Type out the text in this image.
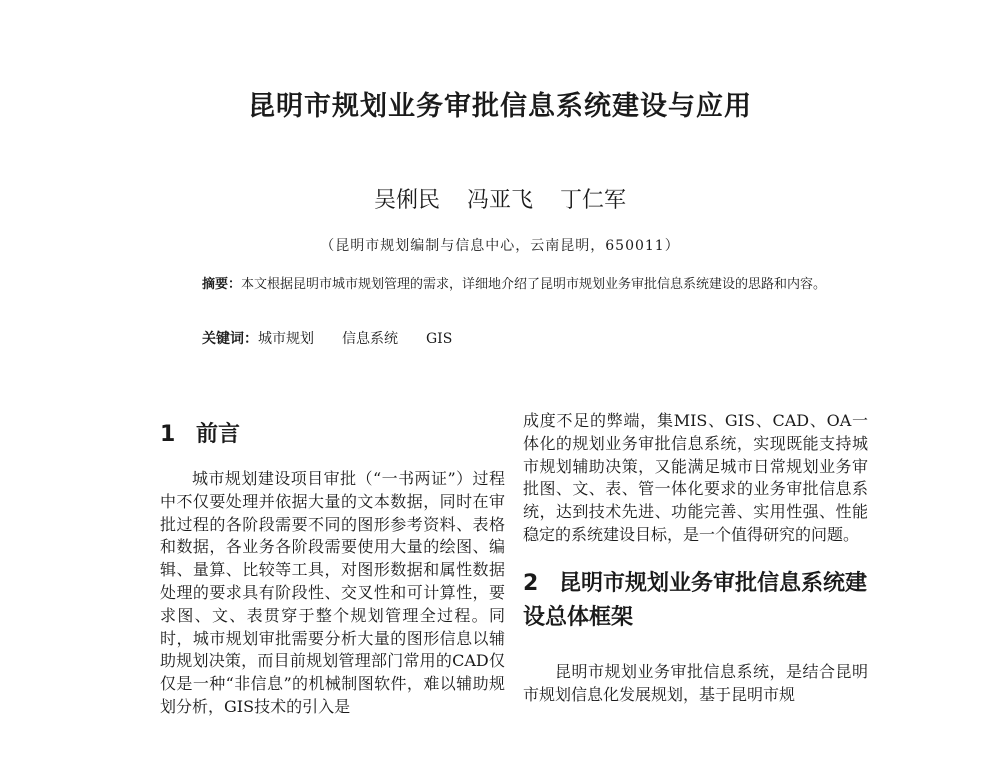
昆明市规划业务审批信息系统建设与应用
吴俐民 冯亚飞 丁仁军
（昆明市规划编制与信息中心，云南昆明，650011）

摘要：本文根据昆明市城市规划管理的需求，详细地介绍了昆明市规划业务审批信息系统建设的思路和内容。

关键词：城市规划 信息系统 GIS
1 前言

城市规划建设项目审批（“一书两证”）过程中不仅要处理并依据大量的文本数据，同时在审批过程的各阶段需要不同的图形参考资料、表格和数据，各业务各阶段需要使用大量的绘图、编辑、量算、比较等工具，对图形数据和属性数据处理的要求具有阶段性、交叉性和可计算性，要求图、文、表贯穿于整个规划管理全过程。同时，城市规划审批需要分析大量的图形信息以辅助规划决策，而目前规划管理部门常用的CAD仅仅是一种“非信息”的机械制图软件，难以辅助规划分析，GIS技术的引入是

成度不足的弊端，集MIS、GIS、CAD、OA一体化的规划业务审批信息系统，实现既能支持城市规划辅助决策，又能满足城市日常规划业务审批图、文、表、管一体化要求的业务审批信息系统，达到技术先进、功能完善、实用性强、性能稳定的系统建设目标，是一个值得研究的问题。

2 昆明市规划业务审批信息系统建设总体框架

昆明市规划业务审批信息系统，是结合昆明市规划信息化发展规划，基于昆明市规
